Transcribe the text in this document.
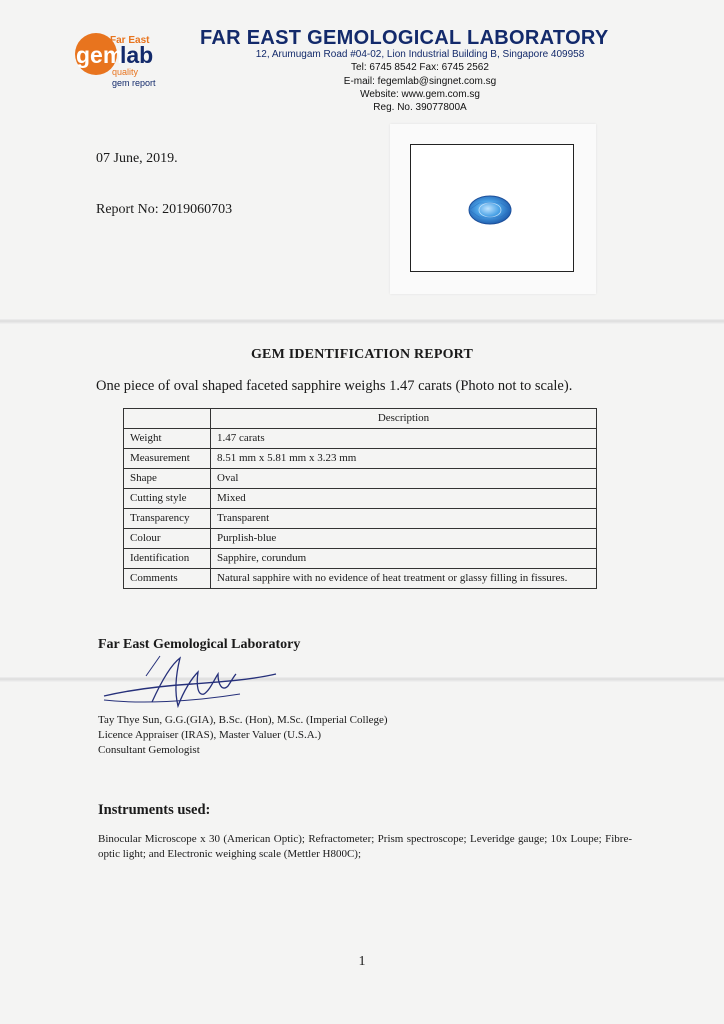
Far East
gem
lab
quality
gem report
FAR EAST GEMOLOGICAL LABORATORY
12, Arumugam Road #04-02, Lion Industrial Building B, Singapore 409958
Tel: 6745 8542 Fax: 6745 2562
E-mail: fegemlab@singnet.com.sg
Website: www.gem.com.sg
Reg. No. 39077800A
07 June, 2019.
Report No: 2019060703
GEM IDENTIFICATION REPORT
One piece of oval shaped faceted sapphire weighs 1.47 carats (Photo not to scale).
	Description
Weight	1.47 carats
Measurement	8.51 mm x 5.81 mm x 3.23 mm
Shape	Oval
Cutting style	Mixed
Transparency	Transparent
Colour	Purplish-blue
Identification	Sapphire, corundum
Comments	Natural sapphire with no evidence of heat treatment or glassy filling in fissures.
Far East Gemological Laboratory
Tay Thye Sun, G.G.(GIA), B.Sc. (Hon), M.Sc. (Imperial College)
Licence Appraiser (IRAS), Master Valuer (U.S.A.)
Consultant Gemologist
Instruments used:
Binocular Microscope x 30 (American Optic); Refractometer; Prism spectroscope; Leveridge gauge; 10x Loupe; Fibre-optic light; and Electronic weighing scale (Mettler H800C);
1
